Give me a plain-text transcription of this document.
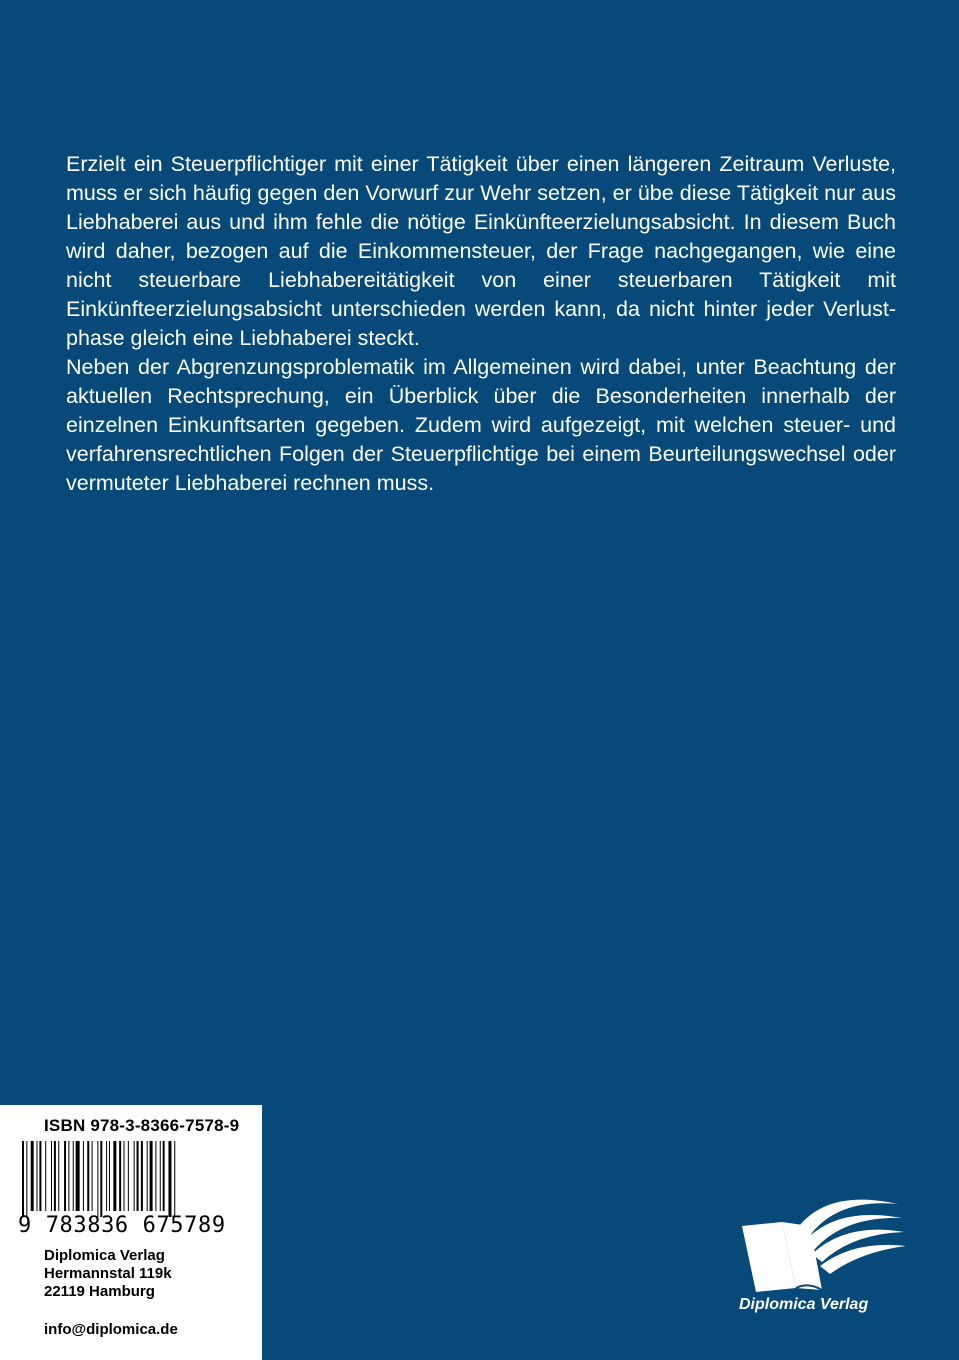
Erzielt ein Steuerpflichtiger mit einer Tätigkeit über einen längeren Zeitraum Verluste, muss er sich häufig gegen den Vorwurf zur Wehr setzen, er übe diese Tätigkeit nur aus Liebhaberei aus und ihm fehle die nötige Einkünfteerzielungsabsicht. In diesem Buch wird daher, bezogen auf die Einkommensteuer, der Frage nachgegangen, wie eine nicht steuerbare Liebhabereitätigkeit von einer steuerbaren Tätigkeit mit Einkünfteerzielungsabsicht unterschieden werden kann, da nicht hinter jeder Verlustphase gleich eine Liebhaberei steckt.

Neben der Abgrenzungsproblematik im Allgemeinen wird dabei, unter Beachtung der aktuellen Rechtsprechung, ein Überblick über die Besonderheiten innerhalb der einzelnen Einkunftsarten gegeben. Zudem wird aufgezeigt, mit welchen steuer- und verfahrensrechtlichen Folgen der Steuerpflichtige bei einem Beurteilungswechsel oder vermuteter Liebhaberei rechnen muss.

ISBN 978-3-8366-7578-9
9 783836 675789
Diplomica Verlag
Hermannstal 119k
22119 Hamburg
info@diplomica.de
Diplomica Verlag
